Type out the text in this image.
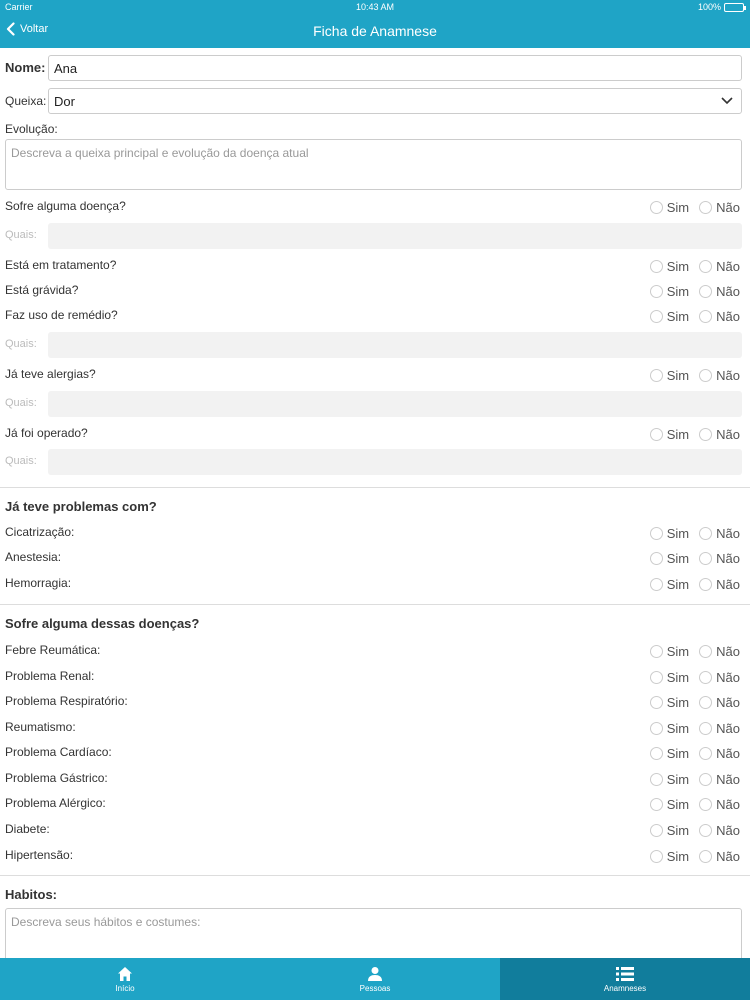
Carrier	10:43 AM	100%
Voltar	Ficha de Anamnese
Nome: Ana
Queixa: Dor
Evolução:
Descreva a queixa principal e evolução da doença atual
Sofre alguma doença?	Sim Não
Quais:
Está em tratamento?	Sim Não
Está grávida?	Sim Não
Faz uso de remédio?	Sim Não
Quais:
Já teve alergias?	Sim Não
Quais:
Já foi operado?	Sim Não
Quais:
Já teve problemas com?
Cicatrização:	Sim Não
Anestesia:	Sim Não
Hemorragia:	Sim Não
Sofre alguma dessas doenças?
Febre Reumática:	Sim Não
Problema Renal:	Sim Não
Problema Respiratório:	Sim Não
Reumatismo:	Sim Não
Problema Cardíaco:	Sim Não
Problema Gástrico:	Sim Não
Problema Alérgico:	Sim Não
Diabete:	Sim Não
Hipertensão:	Sim Não
Habitos:
Descreva seus hábitos e costumes:
Início	Pessoas	Anamneses
